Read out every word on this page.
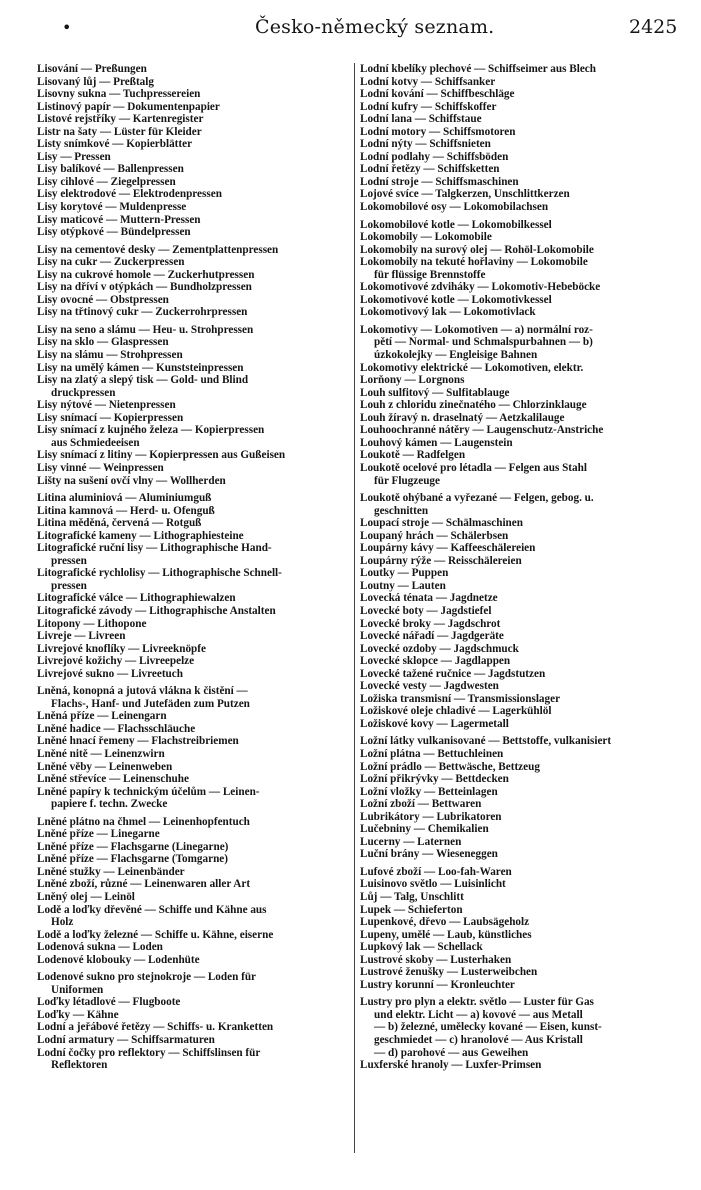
•	Česko-německý seznam.	2425
Lisování — Preßungen
Lisovaný lůj — Preßtalg
Lisovny sukna — Tuchpressereien
Listinový papír — Dokumentenpapier
Listové rejstříky — Kartenregister
Listr na šaty — Lüster für Kleider
Listy snímkové — Kopierblätter
Lisy — Pressen
Lisy balíkové — Ballenpressen
Lisy cihlové — Ziegelpressen
Lisy elektrodové — Elektrodenpressen
Lisy korytové — Muldenpresse
Lisy maticové — Muttern-Pressen
Lisy otýpkové — Bündelpressen
Lisy na cementové desky — Zementplattenpressen
Lisy na cukr — Zuckerpressen
Lisy na cukrové homole — Zuckerhutpressen
Lisy na dříví v otýpkách — Bundholzpressen
Lisy ovocné — Obstpressen
Lisy na třtinový cukr — Zuckerrohrpressen
Lisy na seno a slámu — Heu- u. Strohpressen
Lisy na sklo — Glaspressen
Lisy na slámu — Strohpressen
Lisy na umělý kámen — Kunststeinpressen
Lisy na zlatý a slepý tisk — Gold- und Blind
druckpressen
Lisy nýtové — Nietenpressen
Lisy snímací — Kopierpressen
Lisy snímací z kujného železa — Kopierpressen
aus Schmiedeeisen
Lisy snímací z litiny — Kopierpressen aus Gußeisen
Lisy vinné — Weinpressen
Lišty na sušení ovčí vlny — Wollherden
Litina aluminiová — Aluminiumguß
Litina kamnová — Herd- u. Ofenguß
Litina měděná, červená — Rotguß
Litografické kameny — Lithographiesteine
Litografické ruční lisy — Lithographische Hand-
pressen
Litografické rychlolisy — Lithographische Schnell-
pressen
Litografické válce — Lithographiewalzen
Litografické závody — Lithographische Anstalten
Litopony — Lithopone
Livreje — Livreen
Livrejové knoflíky — Livreeknöpfe
Livrejové kožichy — Livreepelze
Livrejové sukno — Livreetuch
Lněná, konopná a jutová vlákna k čistění —
Flachs-, Hanf- und Jutefäden zum Putzen
Lněná příze — Leinengarn
Lněné hadice — Flachsschläuche
Lněné hnací řemeny — Flachstreibriemen
Lněné nitě — Leinenzwirn
Lněné věby — Leinenweben
Lněné střevíce — Leinenschuhe
Lněné papíry k technickým účelům — Leinen-
papiere f. techn. Zwecke
Lněné plátno na čhmel — Leinenhopfentuch
Lněné příze — Linegarne
Lněné příze — Flachsgarne (Linegarne)
Lněné příze — Flachsgarne (Tomgarne)
Lněné stužky — Leinenbänder
Lněné zboží, různé — Leinenwaren aller Art
Lněný olej — Leinöl
Lodě a loďky dřevěné — Schiffe und Kähne aus
Holz
Lodě a loďky železné — Schiffe u. Kähne, eiserne
Lodenová sukna — Loden
Lodenové klobouky — Lodenhüte
Lodenové sukno pro stejnokroje — Loden für
Uniformen
Loďky létadlové — Flugboote
Loďky — Kähne
Lodní a jeřábové řetězy — Schiffs- u. Kranketten
Lodní armatury — Schiffsarmaturen
Lodní čočky pro reflektory — Schiffslinsen für
Reflektoren
Lodní kbelíky plechové — Schiffseimer aus Blech
Lodní kotvy — Schiffsanker
Lodní kování — Schiffbeschläge
Lodní kufry — Schiffskoffer
Lodní lana — Schiffstaue
Lodní motory — Schiffsmotoren
Lodní nýty — Schiffsnieten
Lodní podlahy — Schiffsböden
Lodní řetězy — Schiffsketten
Lodní stroje — Schiffsmaschinen
Lojové svíce — Talgkerzen, Unschlittkerzen
Lokomobilové osy — Lokomobilachsen
Lokomobilové kotle — Lokomobilkessel
Lokomobily — Lokomobile
Lokomobily na surový olej — Rohöl-Lokomobile
Lokomobily na tekuté hořlaviny — Lokomobile
für flüssige Brennstoffe
Lokomotivové zdviháky — Lokomotiv-Hebeböcke
Lokomotivové kotle — Lokomotivkessel
Lokomotivový lak — Lokomotivlack
Lokomotivy — Lokomotiven — a) normální roz-
pětí — Normal- und Schmalspurbahnen — b)
úzkokolejky — Engleisige Bahnen
Lokomotivy elektrické — Lokomotiven, elektr.
Lorňony — Lorgnons
Louh sulfitový — Sulfitablauge
Louh z chloridu zinečnatého — Chlorzinklauge
Louh žíravý n. draselnatý — Aetzkalilauge
Louhoochranné nátěry — Laugenschutz-Anstriche
Louhový kámen — Laugenstein
Loukotě — Radfelgen
Loukotě ocelové pro létadla — Felgen aus Stahl
für Flugzeuge
Loukotě ohýbané a vyřezané — Felgen, gebog. u.
geschnitten
Loupací stroje — Schälmaschinen
Loupaný hrách — Schälerbsen
Loupárny kávy — Kaffeeschälereien
Loupárny rýže — Reisschälereien
Loutky — Puppen
Loutny — Lauten
Lovecká ténata — Jagdnetze
Lovecké boty — Jagdstiefel
Lovecké broky — Jagdschrot
Lovecké nářadí — Jagdgeräte
Lovecké ozdoby — Jagdschmuck
Lovecké sklopce — Jagdlappen
Lovecké tažené ručnice — Jagdstutzen
Lovecké vesty — Jagdwesten
Ložiska transmisní — Transmissionslager
Ložiskové oleje chladivé — Lagerkühlöl
Ložiskové kovy — Lagermetall
Ložní látky vulkanisované — Bettstoffe, vulkanisiert
Ložní plátna — Bettuchleinen
Ložní prádlo — Bettwäsche, Bettzeug
Ložní přikrývky — Bettdecken
Ložní vložky — Betteinlagen
Ložní zboží — Bettwaren
Lubrikátory — Lubrikatoren
Lučebniny — Chemikalien
Lucerny — Laternen
Luční brány — Wieseneggen
Lufové zboží — Loo-fah-Waren
Luisinovo světlo — Luisinlicht
Lůj — Talg, Unschlitt
Lupek — Schieferton
Lupenkové, dřevo — Laubsägeholz
Lupeny, umělé — Laub, künstliches
Lupkový lak — Schellack
Lustrové skoby — Lusterhaken
Lustrové ženušky — Lusterweibchen
Lustry korunní — Kronleuchter
Lustry pro plyn a elektr. světlo — Luster für Gas
und elektr. Licht — a) kovové — aus Metall
— b) železné, umělecky kované — Eisen, kunst-
geschmiedet — c) hranolové — Aus Kristall
— d) parohové — aus Geweihen
Luxferské hranoly — Luxfer-Primsen
